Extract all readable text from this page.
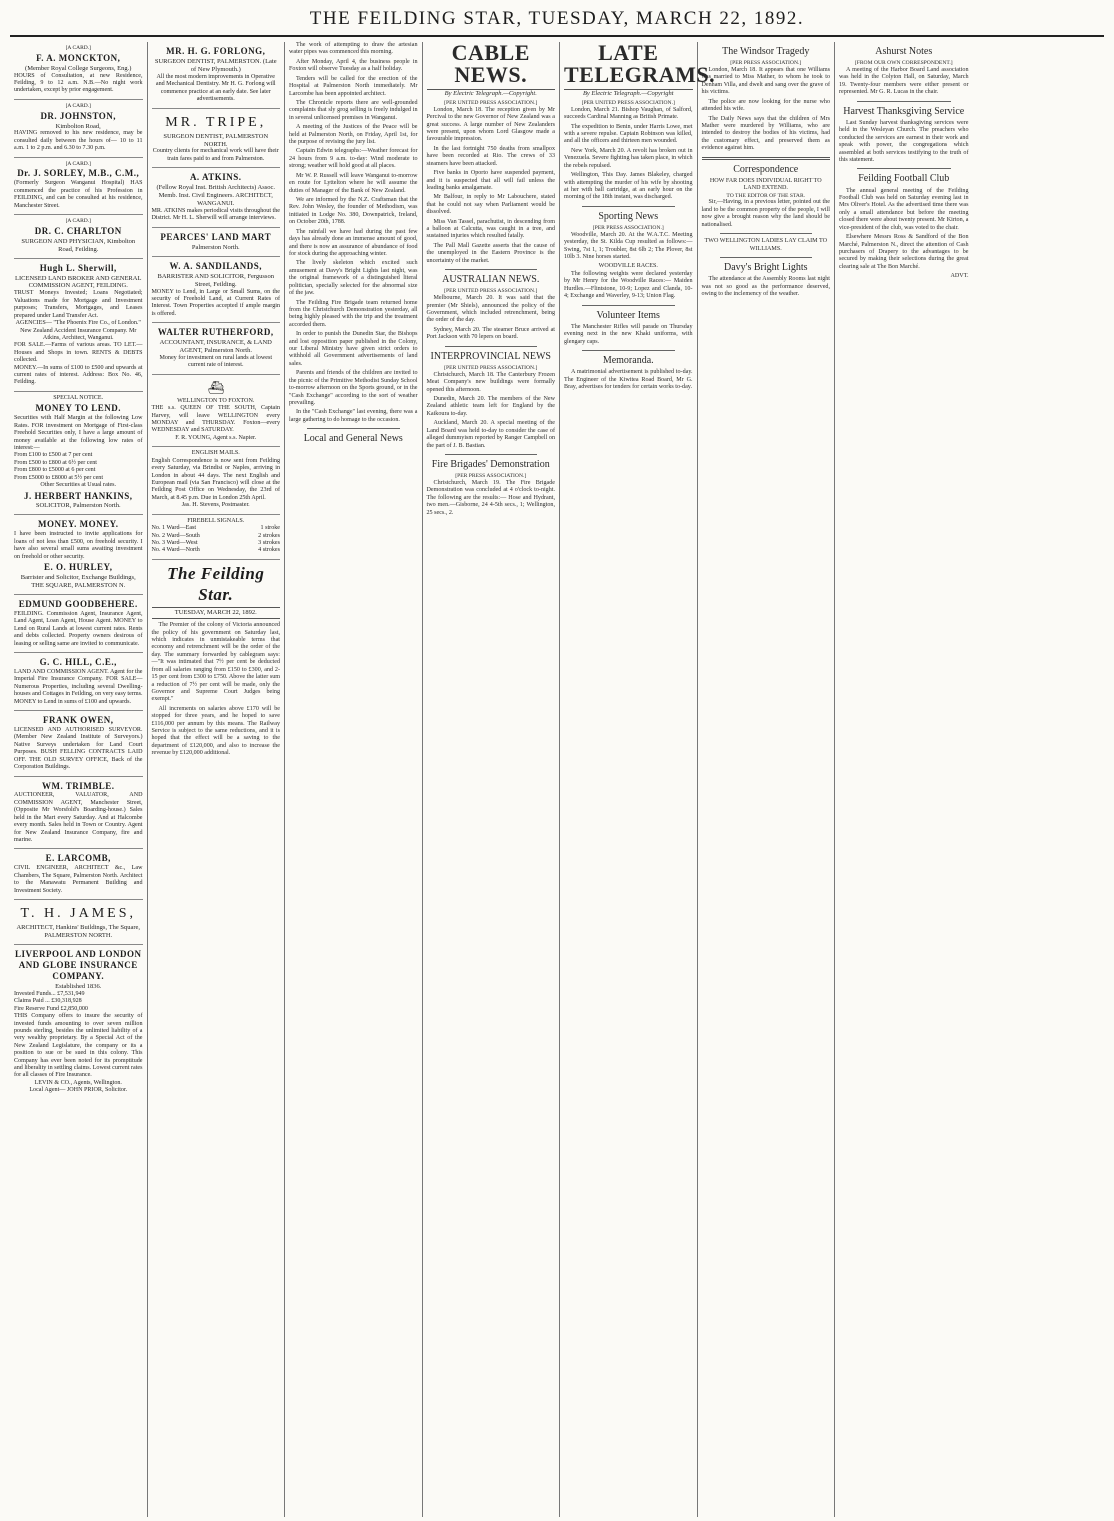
THE FEILDING STAR, TUESDAY, MARCH 22, 1892.
[A CARD.]
F. A. MONCKTON,
(Member Royal College Surgeons, Eng.)
HOURS of Consultation, at new Residence, Feilding, 9 to 12 a.m. N.B.—No night work undertaken, except by prior engagement.
[A CARD.]
DR. JOHNSTON,
Kimbolton Road,
HAVING removed to his new residence, may be consulted daily between the hours of— 10 to 11 a.m. 1 to 2 p.m. and 6.30 to 7.30 p.m.
[A CARD.]
Dr. J. SORLEY, M.B., C.M.,
(Formerly Surgeon Wanganui Hospital) HAS commenced the practice of his Profession in FEILDING, and can be consulted at his residence, Manchester Street.
[A CARD.]
DR. C. CHARLTON
SURGEON AND PHYSICIAN, Kimbolton Road, Feilding.
Hugh L. Sherwill,
LICENSED LAND BROKER AND GENERAL COMMISSION AGENT, FEILDING.
TRUST Moneys Invested; Loans Negotiated; Valuations made for Mortgage and Investment purposes; Transfers, Mortgages, and Leases prepared under Land Transfer Act.
AGENCIES— "The Phoenix Fire Co., of London." New Zealand Accident Insurance Company. Mr Atkins, Architect, Wanganui.
FOR SALE.—Farms of various areas. TO LET.—Houses and Shops in town. RENTS & DEBTS collected.
MONEY.—In sums of £100 to £500 and upwards at current rates of interest. Address: Box No. 46, Feilding.
SPECIAL NOTICE.
MONEY TO LEND.
Securities with Half Margin at the following Low Rates. FOR investment on Mortgage of First-class Freehold Securities only, I have a large amount of money available at the following low rates of interest:—
From £100 to £500 at 7 per cent
From £500 to £800 at 6½ per cent
From £800 to £5000 at 6 per cent
From £5000 to £8000 at 5½ per cent
Other Securities at Usual rates.
J. HERBERT HANKINS,
SOLICITOR, Palmerston North.
MONEY. MONEY.
I have been instructed to invite applications for loans of not less than £500, on freehold security. I have also several small sums awaiting investment on freehold or other security.
E. O. HURLEY,
Barrister and Solicitor, Exchange Buildings, THE SQUARE, PALMERSTON N.
EDMUND GOODBEHERE.
FEILDING. Commission Agent, Insurance Agent, Land Agent, Loan Agent, House Agent. MONEY to Lend on Rural Lands at lowest current rates. Rents and debts collected. Property owners desirous of leasing or selling same are invited to communicate.
G. C. HILL, C.E.,
LAND AND COMMISSION AGENT. Agent for the Imperial Fire Insurance Company. FOR SALE—Numerous Properties, including several Dwelling-houses and Cottages in Feilding, on very easy terms. MONEY to Lend in sums of £100 and upwards.
FRANK OWEN,
LICENSED AND AUTHORISED SURVEYOR. (Member New Zealand Institute of Surveyors.) Native Surveys undertaken for Land Court Purposes. BUSH FELLING CONTRACTS LAID OFF. THE OLD SURVEY OFFICE, Back of the Corporation Buildings.
WM. TRIMBLE.
AUCTIONEER, VALUATOR, AND COMMISSION AGENT, Manchester Street, (Opposite Mr Worsfold's Boarding-house.) Sales held in the Mart every Saturday. And at Halcombe every month. Sales held in Town or Country. Agent for New Zealand Insurance Company, fire and marine.
E. LARCOMB,
CIVIL ENGINEER, ARCHITECT &c., Law Chambers, The Square, Palmerston North. Architect to the Manawatu Permanent Building and Investment Society.
T. H. JAMES,
ARCHITECT, Hankins' Buildings, The Square, PALMERSTON NORTH.
LIVERPOOL AND LONDON AND GLOBE INSURANCE COMPANY.
Established 1836.
Invested Funds... £7,531,949
Claims Paid ... £30,318,928
Fire Reserve Fund £2,850,000
THIS Company offers to insure the security of invested funds amounting to over seven million pounds sterling, besides the unlimited liability of a very wealthy proprietary. By a Special Act of the New Zealand Legislature, the company or its a position to sue or be sued in this colony. This Company has ever been noted for its promptitude and liberality in settling claims. Lowest current rates for all classes of Fire Insurance.
LEVIN & CO., Agents, Wellington.
Local Agent— JOHN PRIOR, Solicitor.
MR. H. G. FORLONG,
SURGEON DENTIST, PALMERSTON. (Late of New Plymouth.)
All the most modern improvements in Operative and Mechanical Dentistry. Mr H. G. Forlong will commence practice at an early date. See later advertisements.
MR. TRIPE,
SURGEON DENTIST, PALMERSTON NORTH.
Country clients for mechanical work will have their train fares paid to and from Palmerston.
A. ATKINS.
(Fellow Royal Inst. British Architects) Assoc. Memb. Inst. Civil Engineers. ARCHITECT, WANGANUI.
MR. ATKINS makes periodical visits throughout the District. Mr H. L. Sherwill will arrange interviews.
PEARCES' LAND MART
Palmerston North.
W. A. SANDILANDS,
BARRISTER AND SOLICITOR, Fergusson Street, Feilding.
MONEY to Lend, in Large or Small Sums, on the security of Freehold Land, at Current Rates of Interest. Town Properties accepted if ample margin is offered.
WALTER RUTHERFORD,
ACCOUNTANT, INSURANCE, & LAND AGENT, Palmerston North.
Money for investment on rural lands at lowest current rate of interest.
⛴
WELLINGTON TO FOXTON.
THE s.s. QUEEN OF THE SOUTH, Captain Harvey, will leave WELLINGTON every MONDAY and THURSDAY. Foxton—every WEDNESDAY and SATURDAY.
F. R. YOUNG, Agent s.s. Napier.
ENGLISH MAILS.
English Correspondence is now sent from Feilding every Saturday, via Brindisi or Naples, arriving in London in about 44 days. The next English and European mail (via San Francisco) will close at the Feilding Post Office on Wednesday, the 23rd of March, at 8.45 p.m. Due in London 25th April.
Jas. H. Stevens, Postmaster.
FIREBELL SIGNALS.
No. 1 Ward—East	1 stroke
No. 2 Ward—South	2 strokes
No. 3 Ward—West	3 strokes
No. 4 Ward—North	4 strokes
The Feilding Star.
TUESDAY, MARCH 22, 1892.

The Premier of the colony of Victoria announced the policy of his government on Saturday last, which indicates in unmistakeable terms that economy and retrenchment will be the order of the day. The summary forwarded by cablegram says:—"It was intimated that 7½ per cent be deducted from all salaries ranging from £150 to £300, and 2-15 per cent from £300 to £750. Above the latter sum a reduction of 7½ per cent will be made, only the Governor and Supreme Court Judges being exempt."

All increments on salaries above £170 will be stopped for three years, and he hoped to save £116,000 per annum by this means. The Railway Service is subject to the same reductions, and it is hoped that the effect will be a saving to the department of £120,000, and also to increase the revenue by £120,000 additional.

The work of attempting to draw the artesian water pipes was commenced this morning.

After Monday, April 4, the business people in Foxton will observe Tuesday as a half holiday.

Tenders will be called for the erection of the Hospital at Palmerston North immediately. Mr Larcombe has been appointed architect.

The Chronicle reports there are well-grounded complaints that sly grog selling is freely indulged in in several unlicensed premises in Wanganui.

A meeting of the Justices of the Peace will be held at Palmerston North, on Friday, April 1st, for the purpose of revising the jury list.

Captain Edwin telegraphs:—Weather forecast for 24 hours from 9 a.m. to-day: Wind moderate to strong; weather will hold good at all places.

Mr W. P. Russell will leave Wanganui to-morrow en route for Lyttelton where he will assume the duties of Manager of the Bank of New Zealand.

We are informed by the N.Z. Craftsman that the Rev. John Wesley, the founder of Methodism, was initiated in Lodge No. 380, Downpatrick, Ireland, on October 20th, 1788.

The rainfall we have had during the past few days has already done an immense amount of good, and there is now an assurance of abundance of food for stock during the approaching winter.

The lively skeleton which excited such amusement at Davy's Bright Lights last night, was the original framework of a distinguished literal politician, specially selected for the abnormal size of the jaw.

The Feilding Fire Brigade team returned home from the Christchurch Demonstration yesterday, all being highly pleased with the trip and the treatment accorded them.

In order to punish the Dunedin Star, the Bishops and lost opposition paper published in the Colony, our Liberal Ministry have given strict orders to withhold all Government advertisements of land sales.

Parents and friends of the children are invited to the picnic of the Primitive Methodist Sunday School to-morrow afternoon on the Sports ground, or in the "Cash Exchange" according to the sort of weather prevailing.

In the "Cash Exchange" last evening, there was a large gathering to do homage to the occasion.

Local and General News
CABLE NEWS.
By Electric Telegraph.—Copyright.
[PER UNITED PRESS ASSOCIATION.]

London, March 18. The reception given by Mr Percival to the new Governor of New Zealand was a great success. A large number of New Zealanders were present, upon whom Lord Glasgow made a favourable impression.

In the last fortnight 750 deaths from smallpox have been recorded at Rio. The crews of 33 steamers have been attacked.

Five banks in Oporto have suspended payment, and it is suspected that all will fail unless the leading banks amalgamate.

Mr Balfour, in reply to Mr Labouchere, stated that he could not say when Parliament would be dissolved.

Miss Van Tassel, parachutist, in descending from a balloon at Calcutta, was caught in a tree, and sustained injuries which resulted fatally.

The Pall Mall Gazette asserts that the cause of the unemployed in the Eastern Province is the uncertainty of the market.

AUSTRALIAN NEWS.
[PER UNITED PRESS ASSOCIATION.]

Melbourne, March 20. It was said that the premier (Mr Shiels), announced the policy of the Government, which included retrenchment, being the order of the day.

Sydney, March 20. The steamer Bruce arrived at Port Jackson with 70 lepers on board.

INTERPROVINCIAL NEWS
[PER UNITED PRESS ASSOCIATION.]

Christchurch, March 18. The Canterbury Frozen Meat Company's new buildings were formally opened this afternoon.

Dunedin, March 20. The members of the New Zealand athletic team left for England by the Kaikoura to-day.

Auckland, March 20. A special meeting of the Land Board was held to-day to consider the case of alleged dummyism reported by Ranger Campbell on the part of J. B. Bastian.

Fire Brigades' Demonstration
[PER PRESS ASSOCIATION.]

Christchurch, March 19. The Fire Brigade Demonstration was concluded at 4 o'clock to-night. The following are the results:— Hose and Hydrant, two men.—Gisborne, 24 4-5th secs., 1; Wellington, 25 secs., 2.

LATE TELEGRAMS.
By Electric Telegraph.—Copyright
[PER UNITED PRESS ASSOCIATION.]

London, March 21. Bishop Vaughan, of Salford, succeeds Cardinal Manning as British Primate.

The expedition to Benin, under Harris Lowe, met with a severe repulse. Captain Robinson was killed, and all the officers and thirteen men wounded.

New York, March 20. A revolt has broken out in Venezuela. Severe fighting has taken place, in which the rebels repulsed.

Wellington, This Day. James Blakeley, charged with attempting the murder of his wife by shooting at her with ball cartridge, at an early hour on the morning of the 18th instant, was discharged.

Sporting News
[PER PRESS ASSOCIATION.]

Woodville, March 20. At the W.A.T.C. Meeting yesterday, the St. Kilda Cup resulted as follows:— Swing, 7st 1, 1; Troubler, 8st 6lb 2; The Plover, 8st 10lb 3. Nine horses started.

WOODVILLE RACES.

The following weights were declared yesterday by Mr Henry for the Woodville Races:— Maiden Hurdles.—Flintstone, 10-9; Lopez and Clanda, 10-4; Exchange and Waverley, 9-13; Union Flag.

Volunteer Items

The Manchester Rifles will parade on Thursday evening next in the new Khaki uniforms, with glengary caps.

Memoranda.

A matrimonial advertisement is published to-day. The Engineer of the Kiwitea Road Board, Mr G. Bray, advertises for tenders for certain works to-day.

The Windsor Tragedy
[PER PRESS ASSOCIATION.]

London, March 18. It appears that one Williams was married to Miss Mather, to whom he took to Denham Villa, and dwelt and sang over the grave of his victims.

The police are now looking for the nurse who attended his wife.

The Daily News says that the children of Mrs Mather were murdered by Williams, who are intended to destroy the bodies of his victims, had the customary effect, and preserved them as evidence against him.

Correspondence
HOW FAR DOES INDIVIDUAL RIGHT TO LAND EXTEND.
TO THE EDITOR OF THE STAR.

Sir,—Having, in a previous letter, pointed out the land to be the common property of the people, I will now give a brought reason why the land should be nationalised.

TWO WELLINGTON LADIES LAY CLAIM TO WILLIAMS.
Davy's Bright Lights

The attendance at the Assembly Rooms last night was not so good as the performance deserved, owing to the inclemency of the weather.

Ashurst Notes
[FROM OUR OWN CORRESPONDENT.]

A meeting of the Harbor Board Land association was held in the Colyton Hall, on Saturday, March 19. Twenty-four members were either present or represented. Mr G. R. Lucas in the chair.

Harvest Thanksgiving Service

Last Sunday harvest thanksgiving services were held in the Wesleyan Church. The preachers who conducted the services are earnest in their work and speak with power, the congregations which assembled at both services testifying to the truth of this statement.

Feilding Football Club

The annual general meeting of the Feilding Football Club was held on Saturday evening last in Mrs Oliver's Hotel. As the advertised time there was only a small attendance but before the meeting closed there were about twenty present. Mr Kirton, a vice-president of the club, was voted to the chair.

Elsewhere Messrs Ross & Sandford of the Bon Marché, Palmerston N., direct the attention of Cash purchasers of Drapery to the advantages to be secured by making their selections during the great clearing sale at The Bon Marché.

ADVT.
